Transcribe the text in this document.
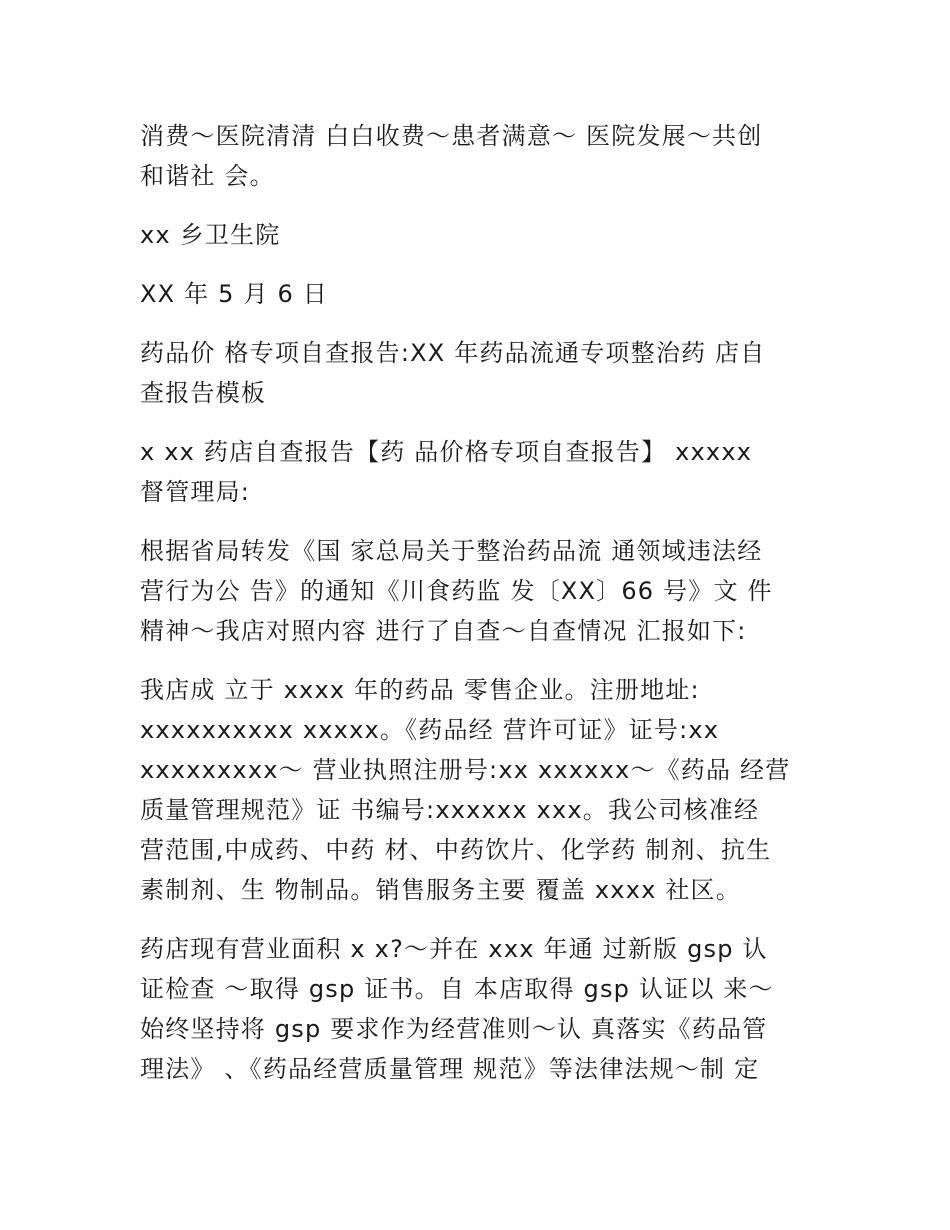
消费～医院清清 白白收费～患者满意～ 医院发展～共创
和谐社 会。
xx 乡卫生院
XX 年 5 月 6 日
药品价 格专项自查报告:XX 年药品流通专项整治药 店自
查报告模板
x xx 药店自查报告【药 品价格专项自查报告】 xxxxx
督管理局:
根据省局转发《国 家总局关于整治药品流 通领域违法经
营行为公 告》的通知《川食药监 发〔XX〕66 号》文 件
精神～我店对照内容 进行了自查～自查情况 汇报如下:
我店成 立于 xxxx 年的药品 零售企业。注册地址:
xxxxxxxxxx xxxxx。《药品经 营许可证》证号:xx
xxxxxxxxx～ 营业执照注册号:xx xxxxxx～《药品 经营
质量管理规范》证 书编号:xxxxxx xxx。我公司核准经
营范围,中成药、中药 材、中药饮片、化学药 制剂、抗生
素制剂、生 物制品。销售服务主要 覆盖 xxxx 社区。
药店现有营业面积 x x?～并在 xxx 年通 过新版 gsp 认
证检查 ～取得 gsp 证书。自 本店取得 gsp 认证以 来～
始终坚持将 gsp 要求作为经营准则～认 真落实《药品管
理法》 、《药品经营质量管理 规范》等法律法规～制 定
